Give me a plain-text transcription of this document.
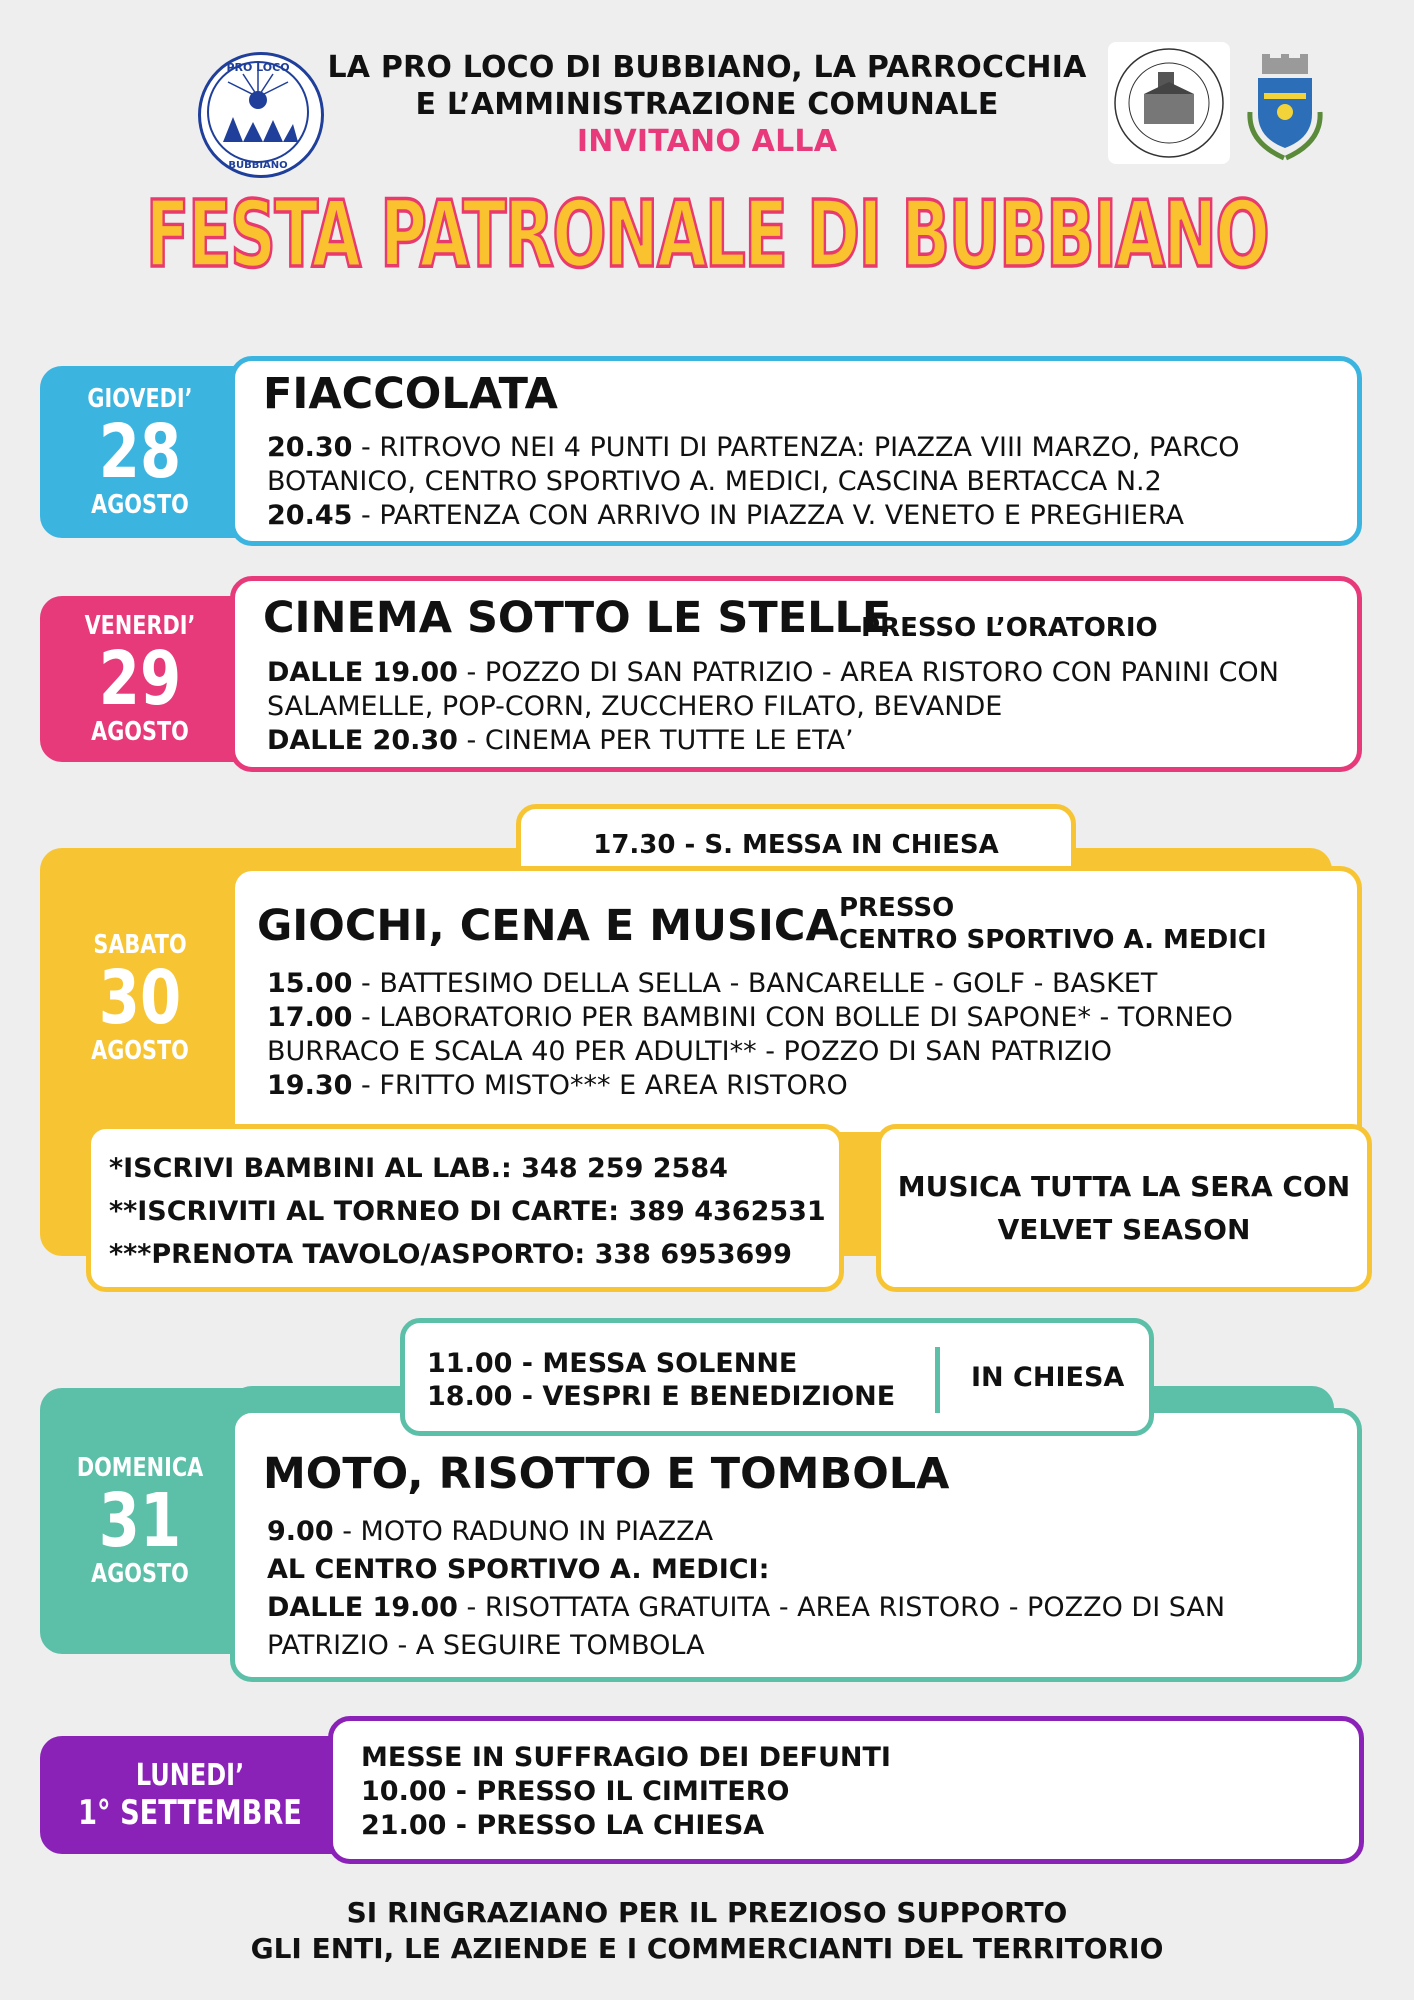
PRO LOCO
BUBBIANO
LA PRO LOCO DI BUBBIANO, LA PARROCCHIA
E L’AMMINISTRAZIONE COMUNALE
INVITANO ALLA
FESTA PATRONALE DI BUBBIANO
GIOVEDI’
28
AGOSTO
FIACCOLATA
20.30 - RITROVO NEI 4 PUNTI DI PARTENZA: PIAZZA VIII MARZO, PARCO
BOTANICO, CENTRO SPORTIVO A. MEDICI, CASCINA BERTACCA N.2
20.45 - PARTENZA CON ARRIVO IN PIAZZA V. VENETO E PREGHIERA
VENERDI’
29
AGOSTO
CINEMA SOTTO LE STELLE
PRESSO L’ORATORIO
DALLE 19.00 - POZZO DI SAN PATRIZIO - AREA RISTORO CON PANINI CON
SALAMELLE, POP-CORN, ZUCCHERO FILATO, BEVANDE
DALLE 20.30 - CINEMA PER TUTTE LE ETA’
SABATO
30
AGOSTO
17.30 - S. MESSA IN CHIESA
GIOCHI, CENA E MUSICA PRESSO
CENTRO SPORTIVO A. MEDICI
15.00 - BATTESIMO DELLA SELLA - BANCARELLE - GOLF - BASKET
17.00 - LABORATORIO PER BAMBINI CON BOLLE DI SAPONE* - TORNEO
BURRACO E SCALA 40 PER ADULTI** - POZZO DI SAN PATRIZIO
19.30 - FRITTO MISTO*** E AREA RISTORO
*ISCRIVI BAMBINI AL LAB.: 348 259 2584
**ISCRIVITI AL TORNEO DI CARTE: 389 4362531
***PRENOTA TAVOLO/ASPORTO: 338 6953699
MUSICA TUTTA LA SERA CON
VELVET SEASON
DOMENICA
31
AGOSTO
MOTO, RISOTTO E TOMBOLA
9.00 - MOTO RADUNO IN PIAZZA
AL CENTRO SPORTIVO A. MEDICI:
DALLE 19.00 - RISOTTATA GRATUITA - AREA RISTORO - POZZO DI SAN
PATRIZIO - A SEGUIRE TOMBOLA
11.00 - MESSA SOLENNE
18.00 - VESPRI E BENEDIZIONE
IN CHIESA
LUNEDI’
1° SETTEMBRE
MESSE IN SUFFRAGIO DEI DEFUNTI
10.00 - PRESSO IL CIMITERO
21.00 - PRESSO LA CHIESA
SI RINGRAZIANO PER IL PREZIOSO SUPPORTO
GLI ENTI, LE AZIENDE E I COMMERCIANTI DEL TERRITORIO
